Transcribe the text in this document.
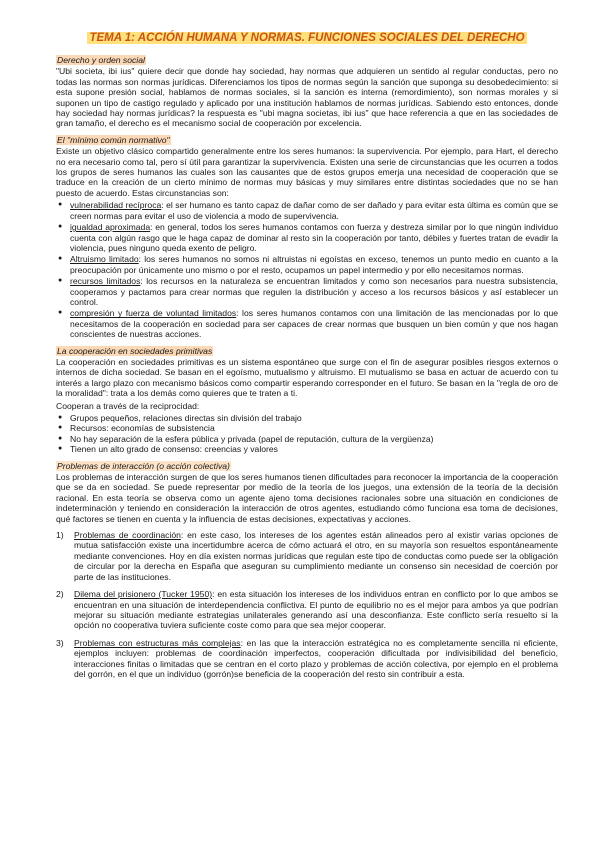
TEMA 1: ACCIÓN HUMANA Y NORMAS. FUNCIONES SOCIALES DEL DERECHO
Derecho y orden social

"Ubi societa, ibi ius" quiere decir que donde hay sociedad, hay normas que adquieren un sentido al regular conductas, pero no todas las normas son normas jurídicas. Diferenciamos los tipos de normas según la sanción que suponga su desobedecimiento: si esta supone presión social, hablamos de normas sociales, si la sanción es interna (remordimiento), son normas morales y si suponen un tipo de castigo regulado y aplicado por una institución hablamos de normas jurídicas. Sabiendo esto entonces, donde hay sociedad hay normas jurídicas? la respuesta es "ubi magna societas, ibi ius" que hace referencia a que en las sociedades de gran tamaño, el derecho es el mecanismo social de cooperación por excelencia.

El "mínimo común normativo"

Existe un objetivo clásico compartido generalmente entre los seres humanos: la supervivencia. Por ejemplo, para Hart, el derecho no era necesario como tal, pero sí útil para garantizar la supervivencia. Existen una serie de circunstancias que les ocurren a todos los grupos de seres humanos las cuales son las causantes que de estos grupos emerja una necesidad de cooperación que se traduce en la creación de un cierto mínimo de normas muy básicas y muy similares entre distintas sociedades que no se han puesto de acuerdo. Estas circunstancias son:

● vulnerabilidad recíproca: el ser humano es tanto capaz de dañar como de ser dañado y para evitar esta última es común que se creen normas para evitar el uso de violencia a modo de supervivencia.
● igualdad aproximada: en general, todos los seres humanos contamos con fuerza y destreza similar por lo que ningún individuo cuenta con algún rasgo que le haga capaz de dominar al resto sin la cooperación por tanto, débiles y fuertes tratan de evadir la violencia, pues ninguno queda exento de peligro.
● Altruismo limitado: los seres humanos no somos ni altruistas ni egoístas en exceso, tenemos un punto medio en cuanto a la preocupación por únicamente uno mismo o por el resto, ocupamos un papel intermedio y por ello necesitamos normas.
● recursos limitados: los recursos en la naturaleza se encuentran limitados y como son necesarios para nuestra subsistencia, cooperamos y pactamos para crear normas que regulen la distribución y acceso a los recursos básicos y así establecer un control.
● compresión y fuerza de voluntad limitados: los seres humanos contamos con una limitación de las mencionadas por lo que necesitamos de la cooperación en sociedad para ser capaces de crear normas que busquen un bien común y que nos hagan conscientes de nuestras acciones.
La cooperación en sociedades primitivas

La cooperación en sociedades primitivas es un sistema espontáneo que surge con el fin de asegurar posibles riesgos externos o internos de dicha sociedad. Se basan en el egoísmo, mutualismo y altruismo. El mutualismo se basa en actuar de acuerdo con tu interés a largo plazo con mecanismo básicos como compartir esperando corresponder en el futuro. Se basan en la "regla de oro de la moralidad": trata a los demás como quieres que te traten a ti.

Cooperan a través de la reciprocidad:

● Grupos pequeños, relaciones directas sin división del trabajo
● Recursos: economías de subsistencia
● No hay separación de la esfera pública y privada (papel de reputación, cultura de la vergüenza)
● Tienen un alto grado de consenso: creencias y valores
Problemas de interacción (o acción colectiva)

Los problemas de interacción surgen de que los seres humanos tienen dificultades para reconocer la importancia de la cooperación que se da en sociedad. Se puede representar por medio de la teoría de los juegos, una extensión de la teoría de la decisión racional. En esta teoría se observa como un agente ajeno toma decisiones racionales sobre una situación en condiciones de indeterminación y teniendo en consideración la interacción de otros agentes, estudiando cómo funciona esa toma de decisiones, qué factores se tienen en cuenta y la influencia de estas decisiones, expectativas y acciones.

1) Problemas de coordinación: en este caso, los intereses de los agentes están alineados pero al existir varias opciones de mutua satisfacción existe una incertidumbre acerca de cómo actuará el otro, en su mayoría son resueltos espontáneamente mediante convenciones. Hoy en día existen normas jurídicas que regulan este tipo de conductas como puede ser la obligación de circular por la derecha en España que aseguran su cumplimiento mediante un consenso sin necesidad de coerción por parte de las instituciones.
2) Dilema del prisionero (Tucker 1950): en esta situación los intereses de los individuos entran en conflicto por lo que ambos se encuentran en una situación de interdependencia conflictiva. El punto de equilibrio no es el mejor para ambos ya que podrían mejorar su situación mediante estrategias unilaterales generando así una desconfianza. Este conflicto sería resuelto si la opción no cooperativa tuviera suficiente coste como para que sea mejor cooperar.
3) Problemas con estructuras más complejas: en las que la interacción estratégica no es completamente sencilla ni eficiente, ejemplos incluyen: problemas de coordinación imperfectos, cooperación dificultada por indivisibilidad del beneficio, interacciones finitas o limitadas que se centran en el corto plazo y problemas de acción colectiva, por ejemplo en el problema del gorrón, en el que un individuo (gorrón)se beneficia de la cooperación del resto sin contribuir a esta.
